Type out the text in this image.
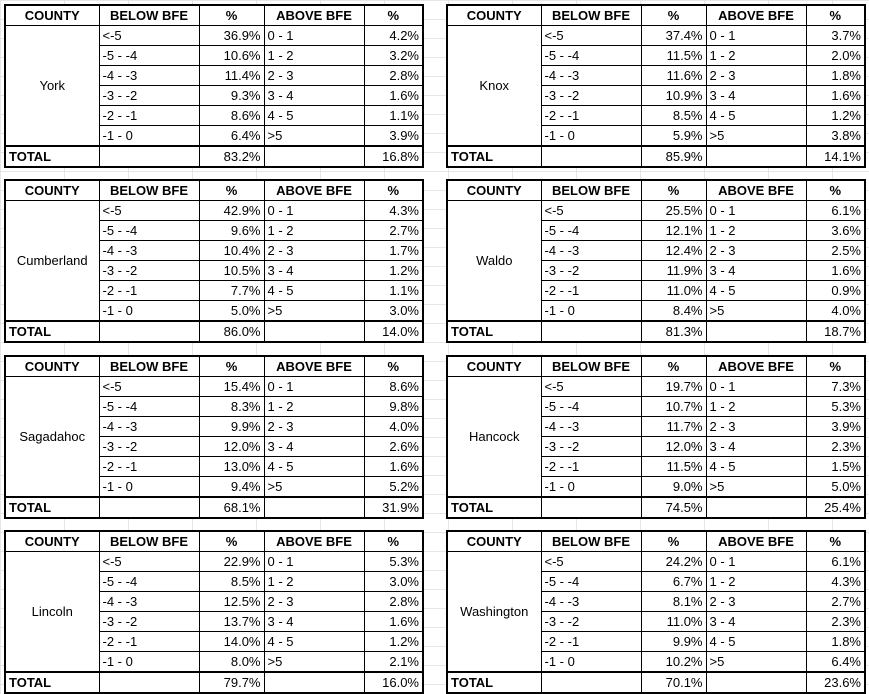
COUNTY	BELOW BFE	%	ABOVE BFE	%
York	<-5	36.9%	0 - 1	4.2%
	-5 - -4	10.6%	1 - 2	3.2%
	-4 - -3	11.4%	2 - 3	2.8%
	-3 - -2	9.3%	3 - 4	1.6%
	-2 - -1	8.6%	4 - 5	1.1%
	-1 - 0	6.4%	>5	3.9%
TOTAL		83.2%		16.8%
COUNTY	BELOW BFE	%	ABOVE BFE	%
Knox	<-5	37.4%	0 - 1	3.7%
	-5 - -4	11.5%	1 - 2	2.0%
	-4 - -3	11.6%	2 - 3	1.8%
	-3 - -2	10.9%	3 - 4	1.6%
	-2 - -1	8.5%	4 - 5	1.2%
	-1 - 0	5.9%	>5	3.8%
TOTAL		85.9%		14.1%
COUNTY	BELOW BFE	%	ABOVE BFE	%
Cumberland	<-5	42.9%	0 - 1	4.3%
	-5 - -4	9.6%	1 - 2	2.7%
	-4 - -3	10.4%	2 - 3	1.7%
	-3 - -2	10.5%	3 - 4	1.2%
	-2 - -1	7.7%	4 - 5	1.1%
	-1 - 0	5.0%	>5	3.0%
TOTAL		86.0%		14.0%
COUNTY	BELOW BFE	%	ABOVE BFE	%
Waldo	<-5	25.5%	0 - 1	6.1%
	-5 - -4	12.1%	1 - 2	3.6%
	-4 - -3	12.4%	2 - 3	2.5%
	-3 - -2	11.9%	3 - 4	1.6%
	-2 - -1	11.0%	4 - 5	0.9%
	-1 - 0	8.4%	>5	4.0%
TOTAL		81.3%		18.7%
COUNTY	BELOW BFE	%	ABOVE BFE	%
Sagadahoc	<-5	15.4%	0 - 1	8.6%
	-5 - -4	8.3%	1 - 2	9.8%
	-4 - -3	9.9%	2 - 3	4.0%
	-3 - -2	12.0%	3 - 4	2.6%
	-2 - -1	13.0%	4 - 5	1.6%
	-1 - 0	9.4%	>5	5.2%
TOTAL		68.1%		31.9%
COUNTY	BELOW BFE	%	ABOVE BFE	%
Hancock	<-5	19.7%	0 - 1	7.3%
	-5 - -4	10.7%	1 - 2	5.3%
	-4 - -3	11.7%	2 - 3	3.9%
	-3 - -2	12.0%	3 - 4	2.3%
	-2 - -1	11.5%	4 - 5	1.5%
	-1 - 0	9.0%	>5	5.0%
TOTAL		74.5%		25.4%
COUNTY	BELOW BFE	%	ABOVE BFE	%
Lincoln	<-5	22.9%	0 - 1	5.3%
	-5 - -4	8.5%	1 - 2	3.0%
	-4 - -3	12.5%	2 - 3	2.8%
	-3 - -2	13.7%	3 - 4	1.6%
	-2 - -1	14.0%	4 - 5	1.2%
	-1 - 0	8.0%	>5	2.1%
TOTAL		79.7%		16.0%
COUNTY	BELOW BFE	%	ABOVE BFE	%
Washington	<-5	24.2%	0 - 1	6.1%
	-5 - -4	6.7%	1 - 2	4.3%
	-4 - -3	8.1%	2 - 3	2.7%
	-3 - -2	11.0%	3 - 4	2.3%
	-2 - -1	9.9%	4 - 5	1.8%
	-1 - 0	10.2%	>5	6.4%
TOTAL		70.1%		23.6%
